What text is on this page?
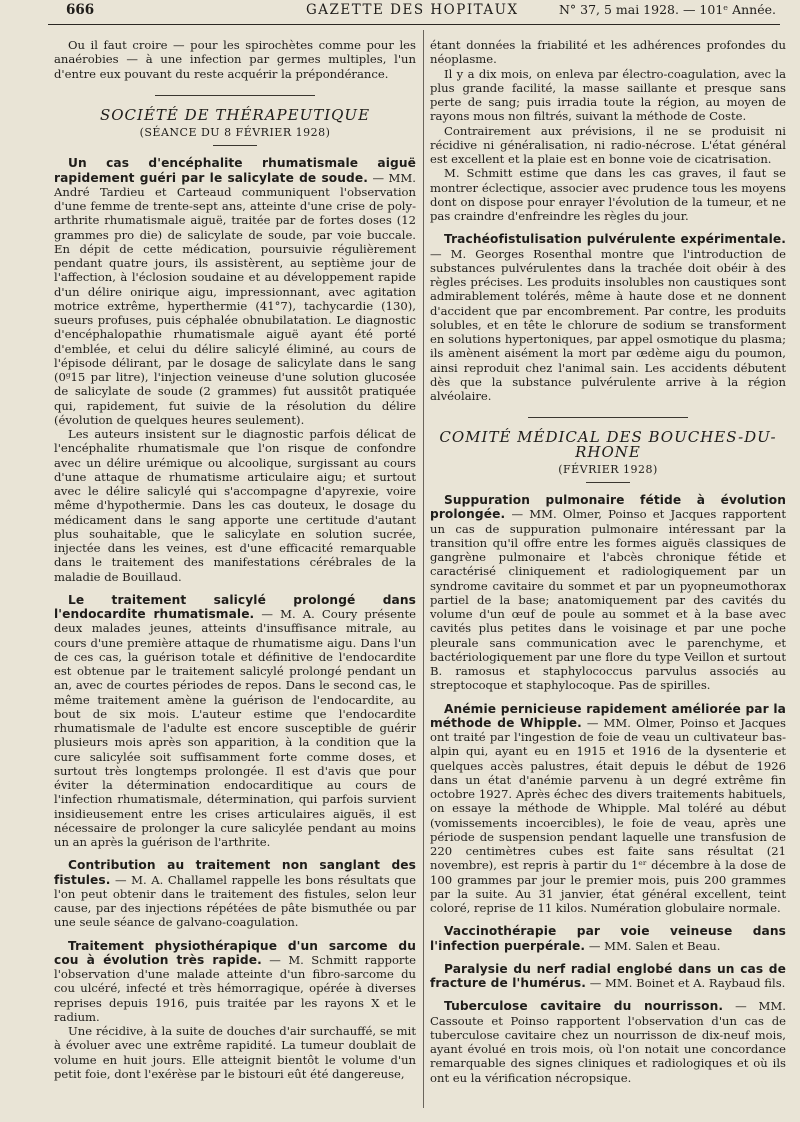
666	GAZETTE DES HOPITAUX	N° 37, 5 mai 1928. — 101ᵉ Année.

Ou il faut croire — pour les spirochètes comme pour les anaérobies — à une infection par germes multiples, l'un d'entre eux pouvant du reste acquérir la prépondérance.

SOCIÉTÉ DE THÉRAPEUTIQUE
(SÉANCE DU 8 FÉVRIER 1928)

Un cas d'encéphalite rhumatismale aiguë rapidement guéri par le salicylate de soude. — MM. André Tardieu et Carteaud communiquent l'observation d'une femme de trente-sept ans, atteinte d'une crise de poly-arthrite rhumatismale aiguë, traitée par de fortes doses (12 grammes pro die) de salicylate de soude, par voie buccale. En dépit de cette médication, poursuivie régulièrement pendant quatre jours, ils assistèrent, au septième jour de l'affection, à l'éclosion soudaine et au développement rapide d'un délire onirique aigu, impressionnant, avec agitation motrice extrême, hyperthermie (41°7), tachycardie (130), sueurs profuses, puis céphalée obnubilatation. Le diagnostic d'encéphalopathie rhumatismale aiguë ayant été porté d'emblée, et celui du délire salicylé éliminé, au cours de l'épisode délirant, par le dosage de salicylate dans le sang (0ᵍ15 par litre), l'injection veineuse d'une solution glucosée de salicylate de soude (2 grammes) fut aussitôt pratiquée qui, rapidement, fut suivie de la résolution du délire (évolution de quelques heures seulement).

Les auteurs insistent sur le diagnostic parfois délicat de l'encéphalite rhumatismale que l'on risque de confondre avec un délire urémique ou alcoolique, surgissant au cours d'une attaque de rhumatisme articulaire aigu; et surtout avec le délire salicylé qui s'accompagne d'apyrexie, voire même d'hypothermie. Dans les cas douteux, le dosage du médicament dans le sang apporte une certitude d'autant plus souhaitable, que le salicylate en solution sucrée, injectée dans les veines, est d'une efficacité remarquable dans le traitement des manifestations cérébrales de la maladie de Bouillaud.

Le traitement salicylé prolongé dans l'endocardite rhumatismale. — M. A. Coury présente deux malades jeunes, atteints d'insuffisance mitrale, au cours d'une première attaque de rhumatisme aigu. Dans l'un de ces cas, la guérison totale et définitive de l'endocardite est obtenue par le traitement salicylé prolongé pendant un an, avec de courtes périodes de repos. Dans le second cas, le même traitement amène la guérison de l'endocardite, au bout de six mois. L'auteur estime que l'endocardite rhumatismale de l'adulte est encore susceptible de guérir plusieurs mois après son apparition, à la condition que la cure salicylée soit suffisamment forte comme doses, et surtout très longtemps prolongée. Il est d'avis que pour éviter la détermination endocarditique au cours de l'infection rhumatismale, détermination, qui parfois survient insidieusement entre les crises articulaires aiguës, il est nécessaire de prolonger la cure salicylée pendant au moins un an après la guérison de l'arthrite.

Contribution au traitement non sanglant des fistules. — M. A. Challamel rappelle les bons résultats que l'on peut obtenir dans le traitement des fistules, selon leur cause, par des injections répétées de pâte bismuthée ou par une seule séance de galvano-coagulation.

Traitement physiothérapique d'un sarcome du cou à évolution très rapide. — M. Schmitt rapporte l'observation d'une malade atteinte d'un fibro-sarcome du cou ulcéré, infecté et très hémorragique, opérée à diverses reprises depuis 1916, puis traitée par les rayons X et le radium.

Une récidive, à la suite de douches d'air surchauffé, se mit à évoluer avec une extrême rapidité. La tumeur doublait de volume en huit jours. Elle atteignit bientôt le volume d'un petit foie, dont l'exérèse par le bistouri eût été dangereuse,

étant données la friabilité et les adhérences profondes du néoplasme.

Il y a dix mois, on enleva par électro-coagulation, avec la plus grande facilité, la masse saillante et presque sans perte de sang; puis irradia toute la région, au moyen de rayons mous non filtrés, suivant la méthode de Coste.

Contrairement aux prévisions, il ne se produisit ni récidive ni généralisation, ni radio-nécrose. L'état général est excellent et la plaie est en bonne voie de cicatrisation.

M. Schmitt estime que dans les cas graves, il faut se montrer éclectique, associer avec prudence tous les moyens dont on dispose pour enrayer l'évolution de la tumeur, et ne pas craindre d'enfreindre les règles du jour.

Trachéofistulisation pulvérulente expérimentale. — M. Georges Rosenthal montre que l'introduction de substances pulvérulentes dans la trachée doit obéir à des règles précises. Les produits insolubles non caustiques sont admirablement tolérés, même à haute dose et ne donnent d'accident que par encombrement. Par contre, les produits solubles, et en tête le chlorure de sodium se transforment en solutions hypertoniques, par appel osmotique du plasma; ils amènent aisément la mort par œdème aigu du poumon, ainsi reproduit chez l'animal sain. Les accidents débutent dès que la substance pulvérulente arrive à la région alvéolaire.

COMITÉ MÉDICAL DES BOUCHES-DU-RHONE
(FÉVRIER 1928)

Suppuration pulmonaire fétide à évolution prolongée. — MM. Olmer, Poinso et Jacques rapportent un cas de suppuration pulmonaire intéressant par la transition qu'il offre entre les formes aiguës classiques de gangrène pulmonaire et l'abcès chronique fétide et caractérisé cliniquement et radiologiquement par un syndrome cavitaire du sommet et par un pyopneumothorax partiel de la base; anatomiquement par des cavités du volume d'un œuf de poule au sommet et à la base avec cavités plus petites dans le voisinage et par une poche pleurale sans communication avec le parenchyme, et bactériologiquement par une flore du type Veillon et surtout B. ramosus et staphylococcus parvulus associés au streptocoque et staphylocoque. Pas de spirilles.

Anémie pernicieuse rapidement améliorée par la méthode de Whipple. — MM. Olmer, Poinso et Jacques ont traité par l'ingestion de foie de veau un cultivateur bas-alpin qui, ayant eu en 1915 et 1916 de la dysenterie et quelques accès palustres, était depuis le début de 1926 dans un état d'anémie parvenu à un degré extrême fin octobre 1927. Après échec des divers traitements habituels, on essaye la méthode de Whipple. Mal toléré au début (vomissements incoercibles), le foie de veau, après une période de suspension pendant laquelle une transfusion de 220 centimètres cubes est faite sans résultat (21 novembre), est repris à partir du 1ᵉʳ décembre à la dose de 100 grammes par jour le premier mois, puis 200 grammes par la suite. Au 31 janvier, état général excellent, teint coloré, reprise de 11 kilos. Numération globulaire normale.

Vaccinothérapie par voie veineuse dans l'infection puerpérale. — MM. Salen et Beau.

Paralysie du nerf radial englobé dans un cas de fracture de l'humérus. — MM. Boinet et A. Raybaud fils.

Tuberculose cavitaire du nourrisson. — MM. Cassoute et Poinso rapportent l'observation d'un cas de tuberculose cavitaire chez un nourrisson de dix-neuf mois, ayant évolué en trois mois, où l'on notait une concordance remarquable des signes cliniques et radiologiques et où ils ont eu la vérification nécropsique.
